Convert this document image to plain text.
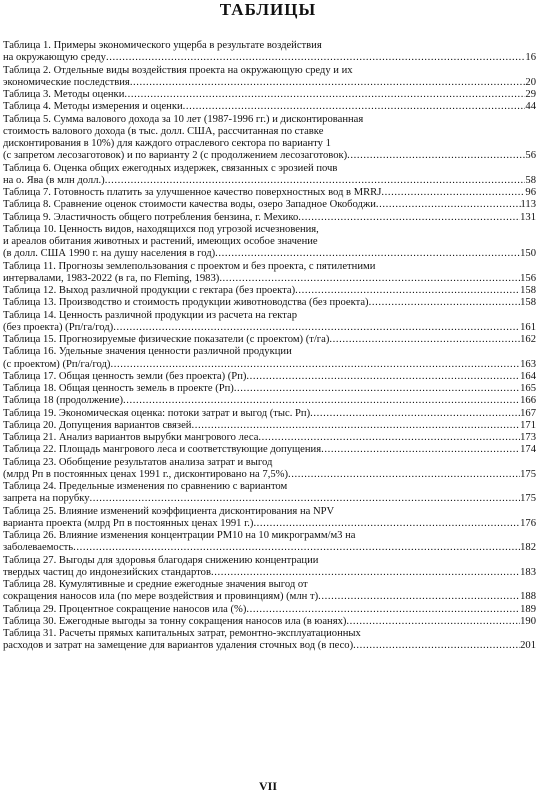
ТАБЛИЦЫ
Таблица 1. Примеры экономического ущерба в результате воздействия
на окружающую среду .....	16
Таблица 2. Отдельные виды воздействия проекта на окружающую среду и их
экономические последствия .....	20
Таблица 3. Методы оценки .....	29
Таблица 4. Методы измерения и оценки .....	44
Таблица 5. Сумма валового дохода за 10 лет (1987-1996 гг.) и дисконтированная
стоимость валового дохода (в тыс. долл. США, рассчитанная по ставке
дисконтирования в 10%) для каждого отраслевого сектора по варианту 1
(с запретом лесозаготовок) и по варианту 2 (с продолжением лесозаготовок) .....	56
Таблица 6. Оценка общих ежегодных издержек, связанных с эрозией почв
на о. Ява (в млн долл.) .....	58
Таблица 7. Готовность платить за улучшенное качество поверхностных вод в MRRJ .....	96
Таблица 8. Сравнение оценок стоимости качества воды, озеро Западное Окободжи .....	113
Таблица 9. Эластичность общего потребления бензина, г. Мехико .....	131
Таблица 10. Ценность видов, находящихся под угрозой исчезновения,
и ареалов обитания животных и растений, имеющих особое значение
(в долл. США 1990 г. на душу населения в год) .....	150
Таблица 11. Прогнозы землепользования с проектом и без проекта, с пятилетними
интервалами, 1983-2022 (в га, по Fleming, 1983) .....	156
Таблица 12. Выход различной продукции с гектара (без проекта) .....	158
Таблица 13. Производство и стоимость продукции животноводства (без проекта) .....	158
Таблица 14. Ценность различной продукции из расчета на гектар
(без проекта) (Рп/га/год) .....	161
Таблица 15. Прогнозируемые физические показатели (с проектом) (т/га) .....	162
Таблица 16. Удельные значения ценности различной продукции
(с проектом) (Рп/га/год) .....	163
Таблица 17. Общая ценность земли (без проекта) (Рп) .....	164
Таблица 18. Общая ценность земель в проекте (Рп) .....	165
Таблица 18 (продолжение) .....	166
Таблица 19. Экономическая оценка: потоки затрат и выгод (тыс. Рп) .....	167
Таблица 20. Допущения вариантов связей .....	171
Таблица 21. Анализ вариантов вырубки мангрового леса .....	173
Таблица 22. Площадь мангрового леса и соответствующие допущения .....	174
Таблица 23. Обобщение результатов анализа затрат и выгод
(млрд Рп в постоянных ценах 1991 г., дисконтировано на 7,5%) .....	175
Таблица 24. Предельные изменения по сравнению с вариантом
запрета на порубку .....	175
Таблица 25. Влияние изменений коэффициента дисконтирования на NPV
варианта проекта (млрд Рп в постоянных ценах 1991 г.) .....	176
Таблица 26. Влияние изменения концентрации РМ10 на 10 микрограмм/м3 на
заболеваемость .....	182
Таблица 27. Выгоды для здоровья благодаря снижению концентрации
твердых частиц до индонезийских стандартов .....	183
Таблица 28. Кумулятивные и средние ежегодные значения выгод от
сокращения наносов ила (по мере воздействия и провинциям) (млн т) .....	188
Таблица 29. Процентное сокращение наносов ила (%) .....	189
Таблица 30. Ежегодные выгоды за тонну сокращения наносов ила (в юанях) .....	190
Таблица 31. Расчеты прямых капитальных затрат, ремонтно-эксплуатационных
расходов и затрат на замещение для вариантов удаления сточных вод (в песо) .....	201
VII
